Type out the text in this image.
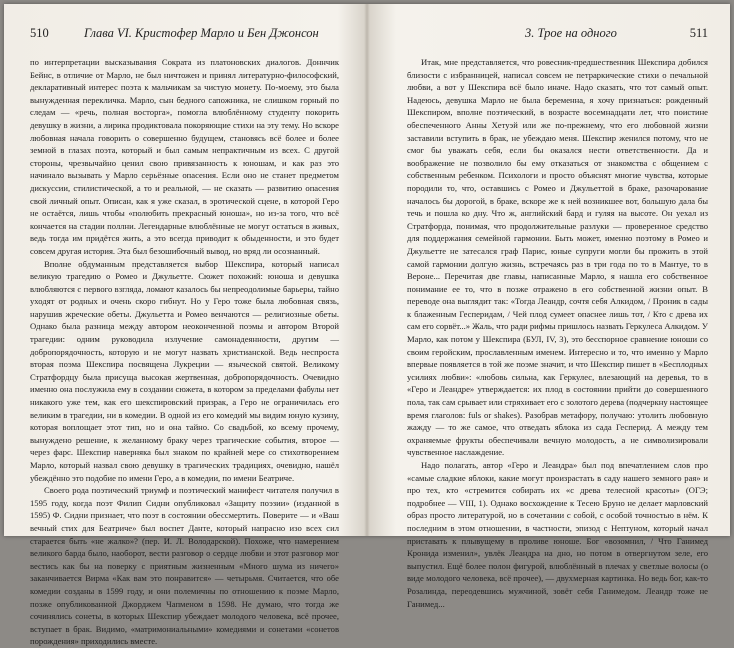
510	Глава VI. Кристофер Марло и Бен Джонсон

по интерпретации высказывания Сократа из платоновских диалогов. Доннчик Бейнс, в отличие от Марло, не был ничтожен и принял литературно-философский, декларативный интерес поэта к мальчикам за чистую монету. По-моему, это была вынужденная перекличка. Марло, сын бедного сапожника, не слишком горный по следам — «речь, полная восторга», помогла влюблённому студенту покорить девушку в жизни, а лирика продиктовала покоряющие стихи на эту тему. Но вскоре любовная начала говорить о совершенно будущем, становясь всё более и более земной в глазах поэта, который и был самым непрактичным из всех. С другой стороны, чрезвычайно ценил свою привязанность к юношам, и как раз это начинало вызывать у Марло серьёзные опасения. Если оно не станет предметом дискуссии, стилистической, а то и реальной, — не сказать — развитию опасения свой личный опыт. Описан, как я уже сказал, в эротической сцене, в которой Геро не остаётся, лишь чтобы «полюбить прекрасный юноша», но из-за того, что всё кончается на стадии поллни. Легендарные влюблённые не могут остаться в живых, ведь тогда им придётся жить, а это всегда приводит к обыденности, и это будет совсем другая история. Эта был безошибочный вывод, но вряд ли осознанный.

Вполне обдуманным представляется выбор Шекспира, который написал великую трагедию о Ромео и Джульетте. Сюжет похожий: юноша и девушка влюбляются с первого взгляда, ломают казалось бы непреодолимые барьеры, тайно уходят от родных и очень скоро гибнут. Но у Геро тоже была любовная связь, нарушив жреческие обеты. Джульетта и Ромео венчаются — религиозные обеты. Однако была разница между автором неоконченной поэмы и автором Второй трагедии: одним руководила излучение самонадеянности, другим — добропорядочность, которую и не могут назвать христианской. Ведь неспроста вторая поэма Шекспира посвящена Лукреции — языческой святой. Великому Стратфордцу была присуща высокая жертвенная, добропорядочность. Очевидно именно она послужила ему в создании сюжета, в котором за пределами фабулы нет никакого уже тем, как его шекспировский призрак, а Геро не ограничилась его великим в трагедии, ни в комедии. В одной из его комедий мы видим юную кузину, которая воплощает этот тип, но и она тайно. Со свадьбой, ко всему прочему, вынуждено решение, к желанному браку через трагические события, второе — через фарс. Шекспир наверняка был знаком по крайней мере со стихотворением Марло, который назвал свою девушку в трагических традициях, очевидно, нашёл убеждённо это подобие по имени Геро, а в комедии, по имени Беатриче.

Своего рода поэтический триумф и поэтический манифест читателя получил в 1595 году, когда поэт Филип Сидни опубликовал «Защиту поэзии» (изданной в 1595) Ф. Сидни признает, что поэт в состоянии обессмертить. Поверите — и «Ваш вечный стих для Беатриче» был воспет Данте, который напрасно изо всех сил старается быть «не жалко»? (пер. И. Л. Володарской). Похоже, что намерением великого барда было, наоборот, вести разговор о сердце любви и этот разговор мог вестись как бы на поверку с приятным жизненным «Много шума из ничего» заканчивается Вирма «Как вам это понравится» — четырьмя. Считается, что обе комедии созданы в 1599 году, и они полемичны по отношению к поэме Марло, позже опубликованной Джорджем Чапменом в 1598. Не думаю, что тогда же сочинялись сонеты, в которых Шекспир убеждает молодого человека, всё прочее, вступает в брак. Видимо, «матримониальными» комедиями и сонетами «сонетов порождения» приходились вместе.

3. Трое на одного	511

Итак, мне представляется, что ровесник-предшественник Шекспира добился близости с избранницей, написал совсем не петраркические стихи о печальной любви, а вот у Шекспира всё было иначе. Надо сказать, что тот самый опыт. Надеюсь, девушка Марло не была беременна, я хочу признаться: рожденный Шекспиром, вполне поэтический, в возрасте восемнадцати лет, что поистине обеспеченного Анны Хетуэй или же по-прежнему, что его любовной жизни заставили вступить в брак, не убеждаю меня. Шекспир женился потому, что не смог бы уважать себя, если бы оказался нести ответственности. Да и воображение не позволило бы ему отказаться от знакомства с общением с собственным ребенком. Психологи и просто объяснят многие чувства, которые породили то, что, оставшись с Ромео и Джульеттой в браке, разочарование началось бы дорогой, в браке, вскоре же к ней возникшее вот, большую дала бы течь и пошла ко дну. Что ж, английский бард и гуляя на высоте. Он уехал из Стратфорда, понимая, что продолжительные разлуки — проверенное средство для поддержания семейной гармонии. Быть может, именно поэтому в Ромео и Джульетте не затесался граф Парис, юные супруги могли бы прожить в этой самой гармонии долгую жизнь, встречаясь раз в три года по то в Мантуе, то в Вероне... Перечитая две главы, написанные Марло, я нашла его собственное понимание ее то, что в позже отражено в его собственной жизни опыт. В переводе она выглядит так: «Тогда Леандр, сочтя себя Алкидом, / Проник в сады к блаженным Гесперидам, / Чей плод сумеет опаснее лишь тот, / Кто с древа их сам его сорвёт...» Жаль, что ради рифмы пришлось назвать Геркулеса Алкидом. У Марло, как потом у Шекспира (БУЛ, IV, 3), это бесспорное сравнение юноши со своим геройским, прославленным именем. Интересно и то, что именно у Марло впервые появляется в той же поэме значит, и что Шекспир пишет в «Бесплодных усилиях любви»: «любовь сильна, как Геркулес, влезающий на деревья, то в «Геро и Леандре» утверждается: их плод в состоянии прийти до совершенного пола, так сам срывает или стряхивает его с золотого дерева (подчеркну настоящее время глаголов: fuls or shakes). Разобрав метафору, получаю: утолить любовную жажду — то же самое, что отведать яблока из сада Гесперид. А между тем охраняемые фрукты обеспечивали вечную молодость, а не символизировали чувственное наслаждение.

Надо полагать, автор «Геро и Леандра» был под впечатлением слов про «самые сладкие яблоки, какие могут произрастать в саду нашего земного рая» и про тех, кто «стремится собирать их «с древа телесной красоты» (ОГЭ; подробнее — VIII, 1). Однако восхождение к Тесею Бруно не делает марловский образ просто литературой, но в сочетании с собой, с особой точностью в нём. К последним в этом отношении, в частности, эпизод с Нептуном, который начал приставать к плывущему в проливе юноше. Бог «возомнил, / Что Ганимед Кронида изменил», увлёк Леандра на дно, но потом в отвергнутом зеле, его выпустил. Ещё более полон фигурой, влюблённый в плечах у светлые волосы (о виде молодого человека, всё прочее), — двухмерная картинка. Но ведь бог, как-то Розалинда, переодевшись мужчиной, зовёт себя Ганимедом. Леандр тоже не Ганимед...
